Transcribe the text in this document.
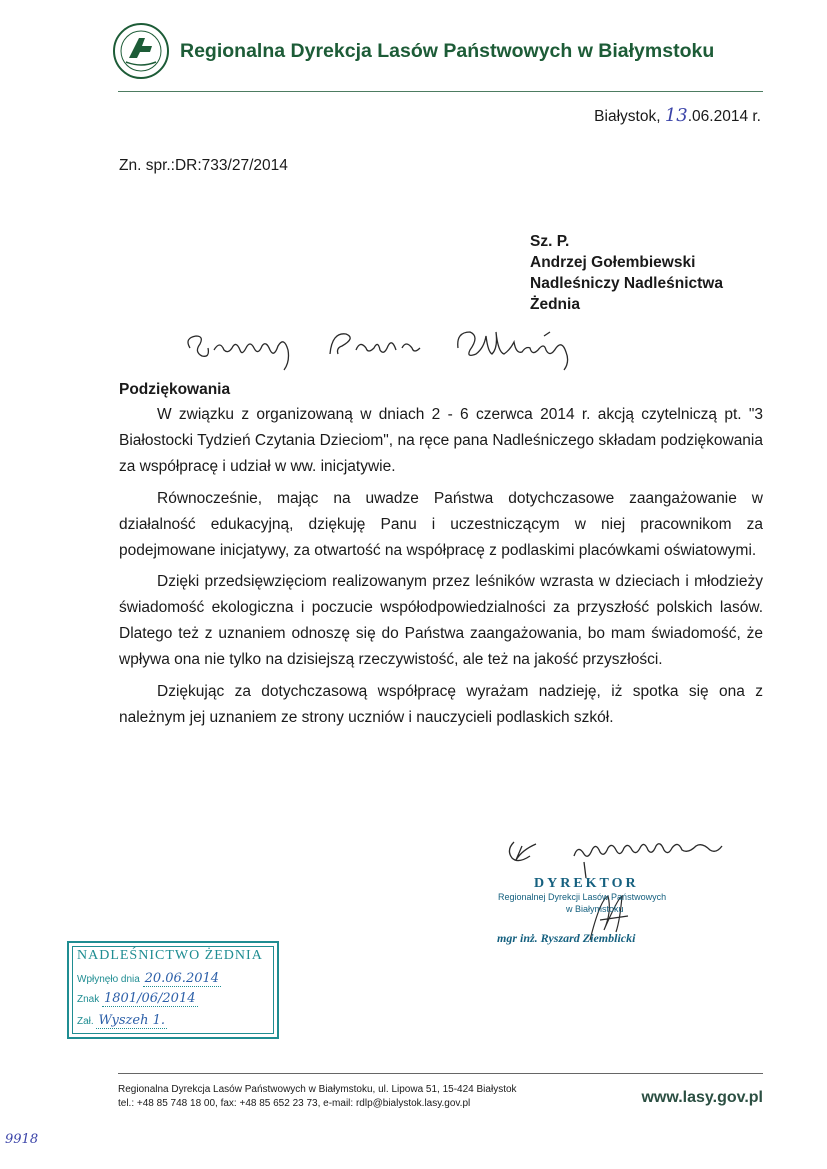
Regionalna Dyrekcja Lasów Państwowych w Białymstoku
Białystok, 13.06.2014 r.
Zn. spr.:DR:733/27/2014
Sz. P.
Andrzej Gołembiewski
Nadleśniczy Nadleśnictwa
Żednia
Podziękowania

W związku z organizowaną w dniach 2 - 6 czerwca 2014 r. akcją czytelniczą pt. "3 Białostocki Tydzień Czytania Dzieciom", na ręce pana Nadleśniczego składam podziękowania za współpracę i udział w ww. inicjatywie.

Równocześnie, mając na uwadze Państwa dotychczasowe zaangażowanie w działalność edukacyjną, dziękuję Panu i uczestniczącym w niej pracownikom za podejmowane inicjatywy, za otwartość na współpracę z podlaskimi placówkami oświatowymi.

Dzięki przedsięwzięciom realizowanym przez leśników wzrasta w dzieciach i młodzieży świadomość ekologiczna i poczucie współodpowiedzialności za przyszłość polskich lasów. Dlatego też z uznaniem odnoszę się do Państwa zaangażowania, bo mam świadomość, że wpływa ona nie tylko na dzisiejszą rzeczywistość, ale też na jakość przyszłości.

Dziękując za dotychczasową współpracę wyrażam nadzieję, iż spotka się ona z należnym jej uznaniem ze strony uczniów i nauczycieli podlaskich szkół.

DYREKTOR
Regionalnej Dyrekcji Lasów Państwowych
w Białymstoku
mgr inż. Ryszard Ziemblicki
NADLEŚNICTWO ŻEDNIA
Wpłynęło dnia 20.06.2014
Znak 1801/06/2014
Zał. Wyszeh 1.
Regionalna Dyrekcja Lasów Państwowych w Białymstoku, ul. Lipowa 51, 15-424 Białystok
tel.: +48 85 748 18 00, fax: +48 85 652 23 73, e-mail: rdlp@bialystok.lasy.gov.pl	www.lasy.gov.pl
9918
